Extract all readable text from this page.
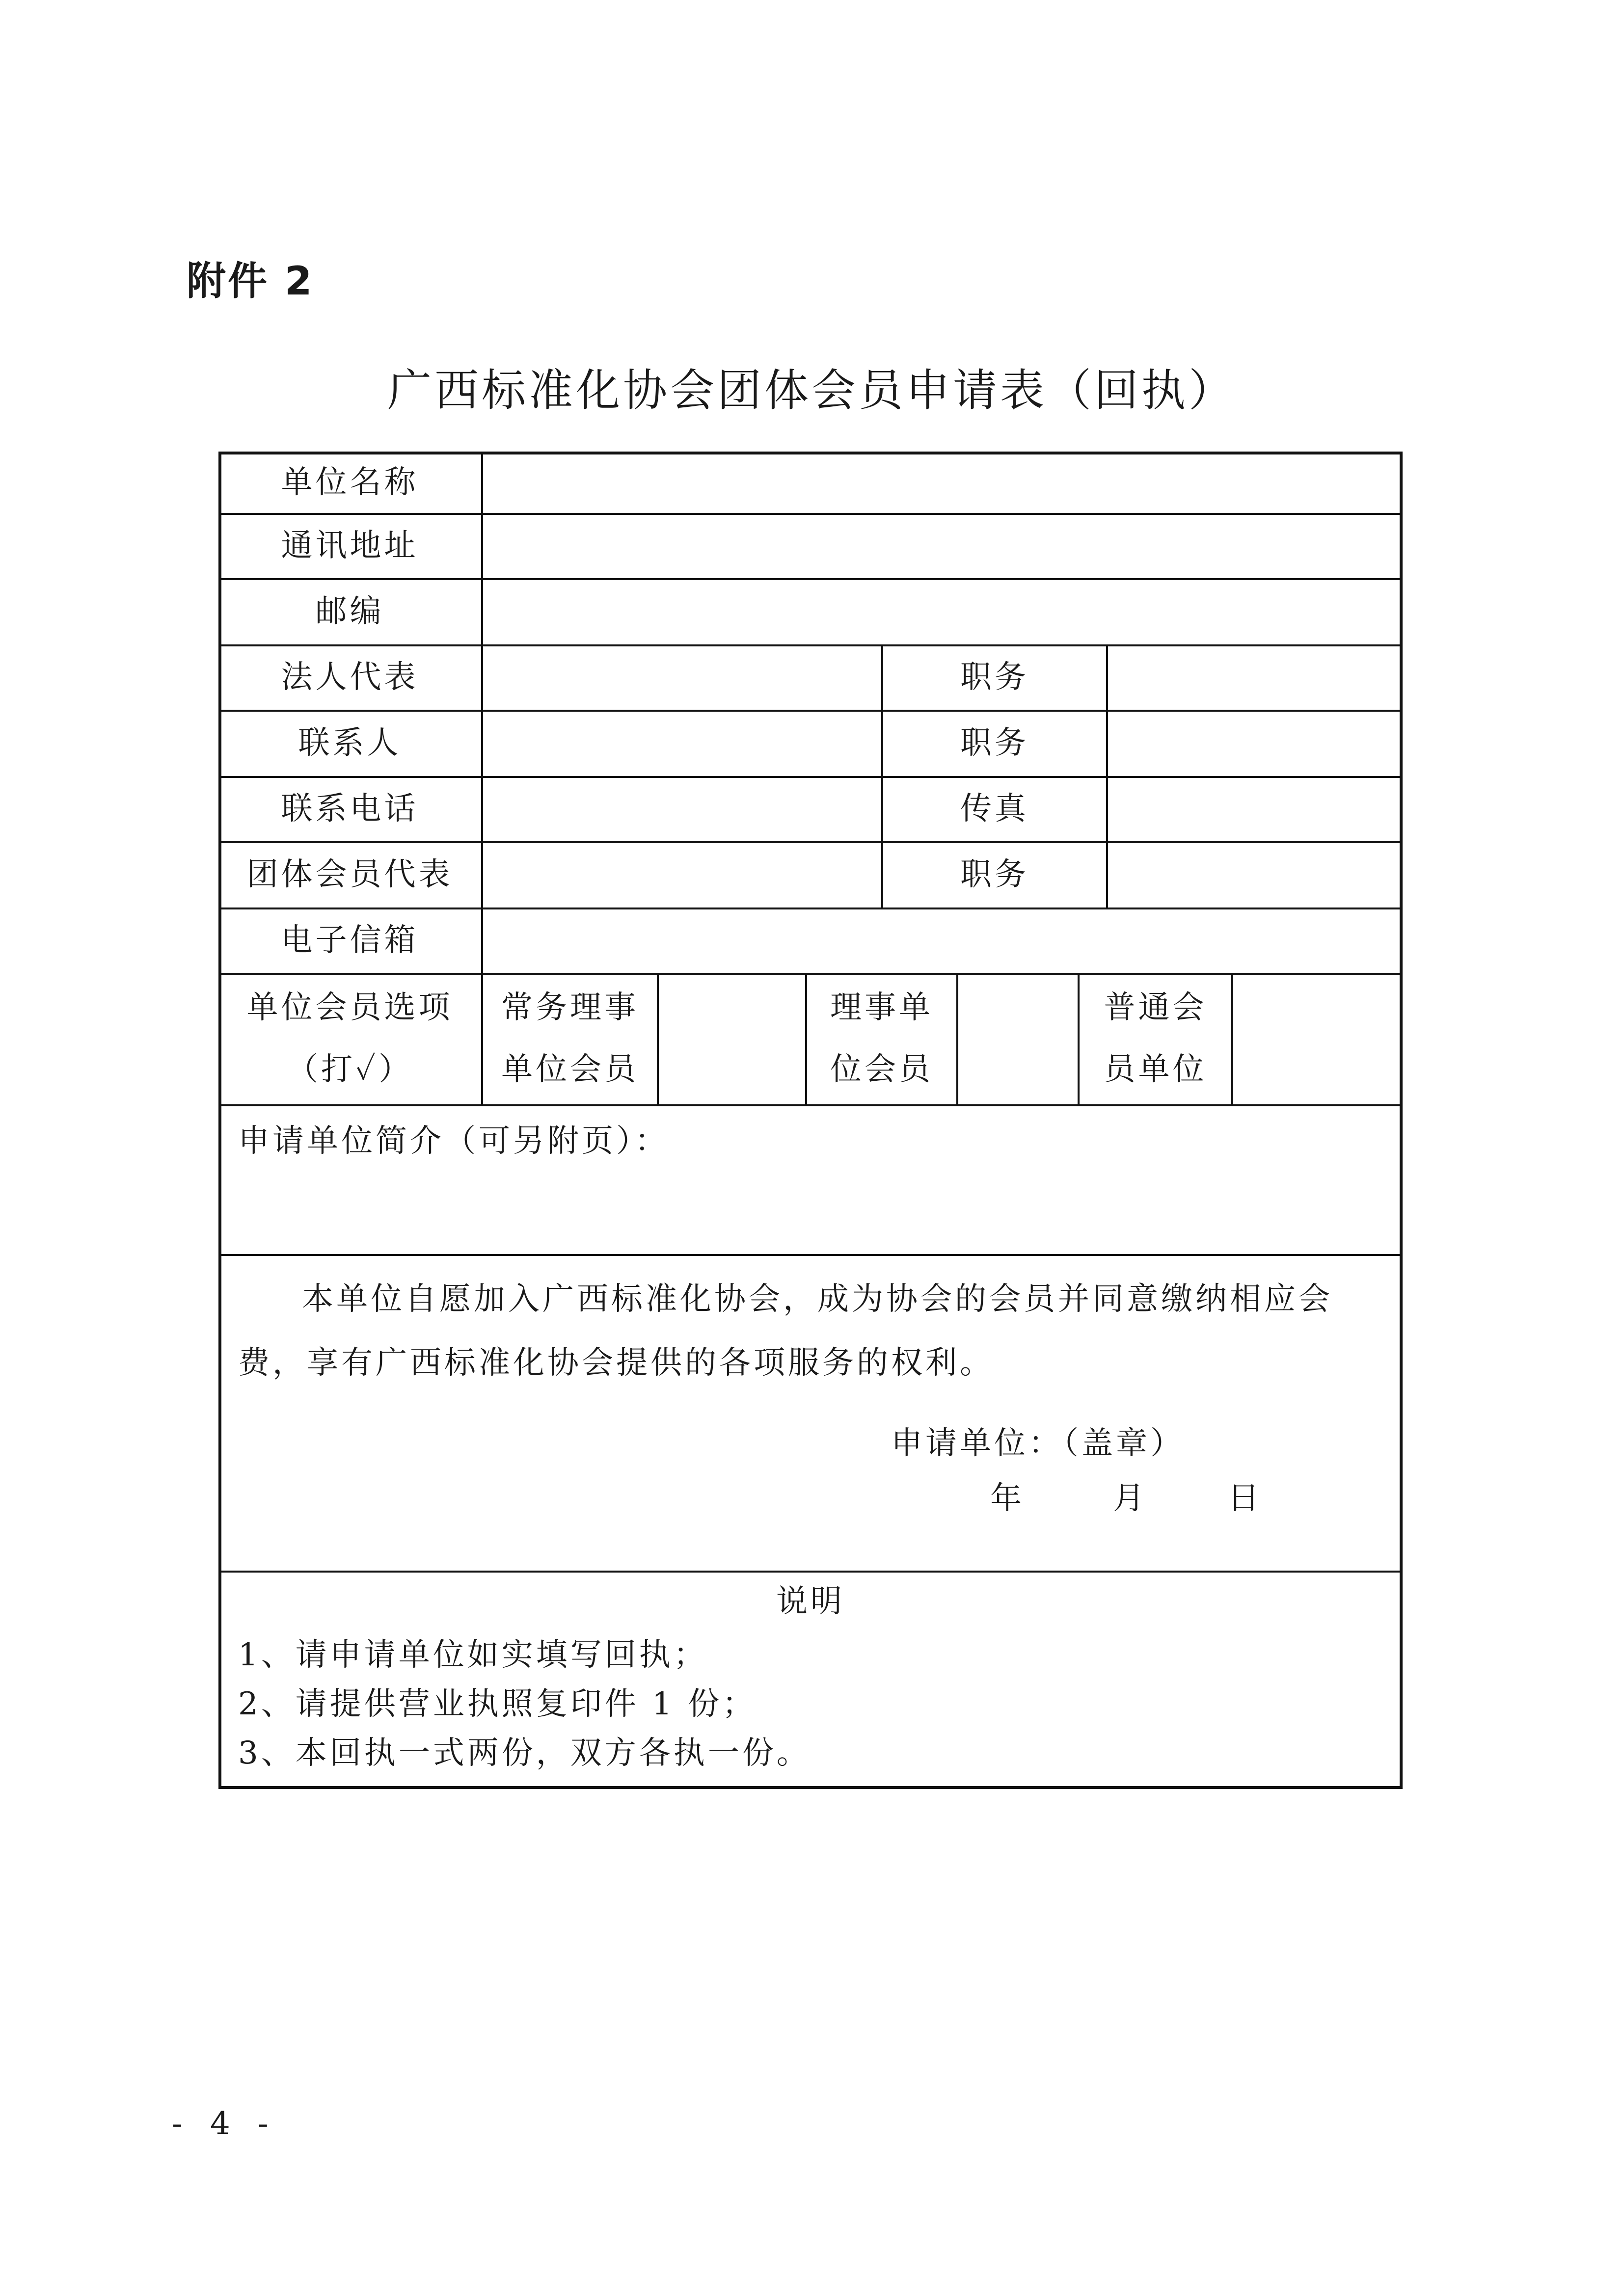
附件 2
广西标准化协会团体会员申请表（回执）
单位名称
通讯地址
邮编
法人代表
联系人
联系电话
团体会员代表
电子信箱
职务
职务
传真
职务
单位会员选项
（打✓）
常务理事
单位会员
理事单
位会员
普通会
员单位
申请单位简介（可另附页）：
本单位自愿加入广西标准化协会，成为协会的会员并同意缴纳相应会费，享有广西标准化协会提供的各项服务的权利。
申请单位：（盖章）
年	月	日
说明
1、请申请单位如实填写回执；
2、请提供营业执照复印件 1 份；
3、本回执一式两份，双方各执一份。
- 4 -
